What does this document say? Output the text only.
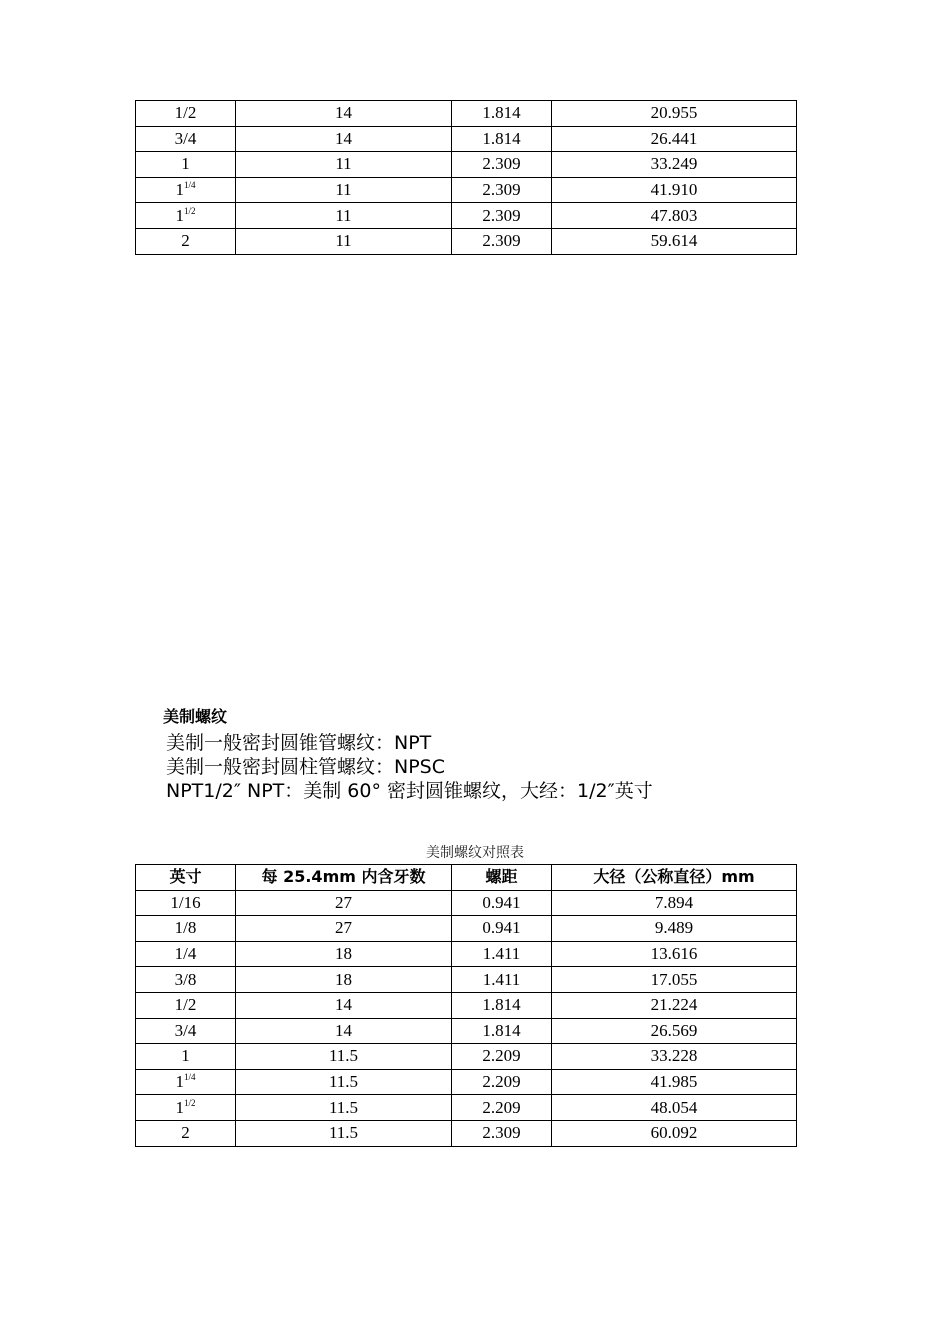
1/2	14	1.814	20.955
3/4	14	1.814	26.441
1	11	2.309	33.249
$1^{1/4}$	11	2.309	41.910
$1^{1/2}$	11	2.309	47.803
2	11	2.309	59.614
美制螺纹
美制一般密封圆锥管螺纹：NPT
美制一般密封圆柱管螺纹：NPSC
NPT1/2″ NPT：美制 60° 密封圆锥螺纹，大经：1/2″英寸
美制螺纹对照表
英寸	每 25.4mm 内含牙数	螺距	大径（公称直径）mm
1/16	27	0.941	7.894
1/8	27	0.941	9.489
1/4	18	1.411	13.616
3/8	18	1.411	17.055
1/2	14	1.814	21.224
3/4	14	1.814	26.569
1	11.5	2.209	33.228
$1^{1/4}$	11.5	2.209	41.985
$1^{1/2}$	11.5	2.209	48.054
2	11.5	2.309	60.092
